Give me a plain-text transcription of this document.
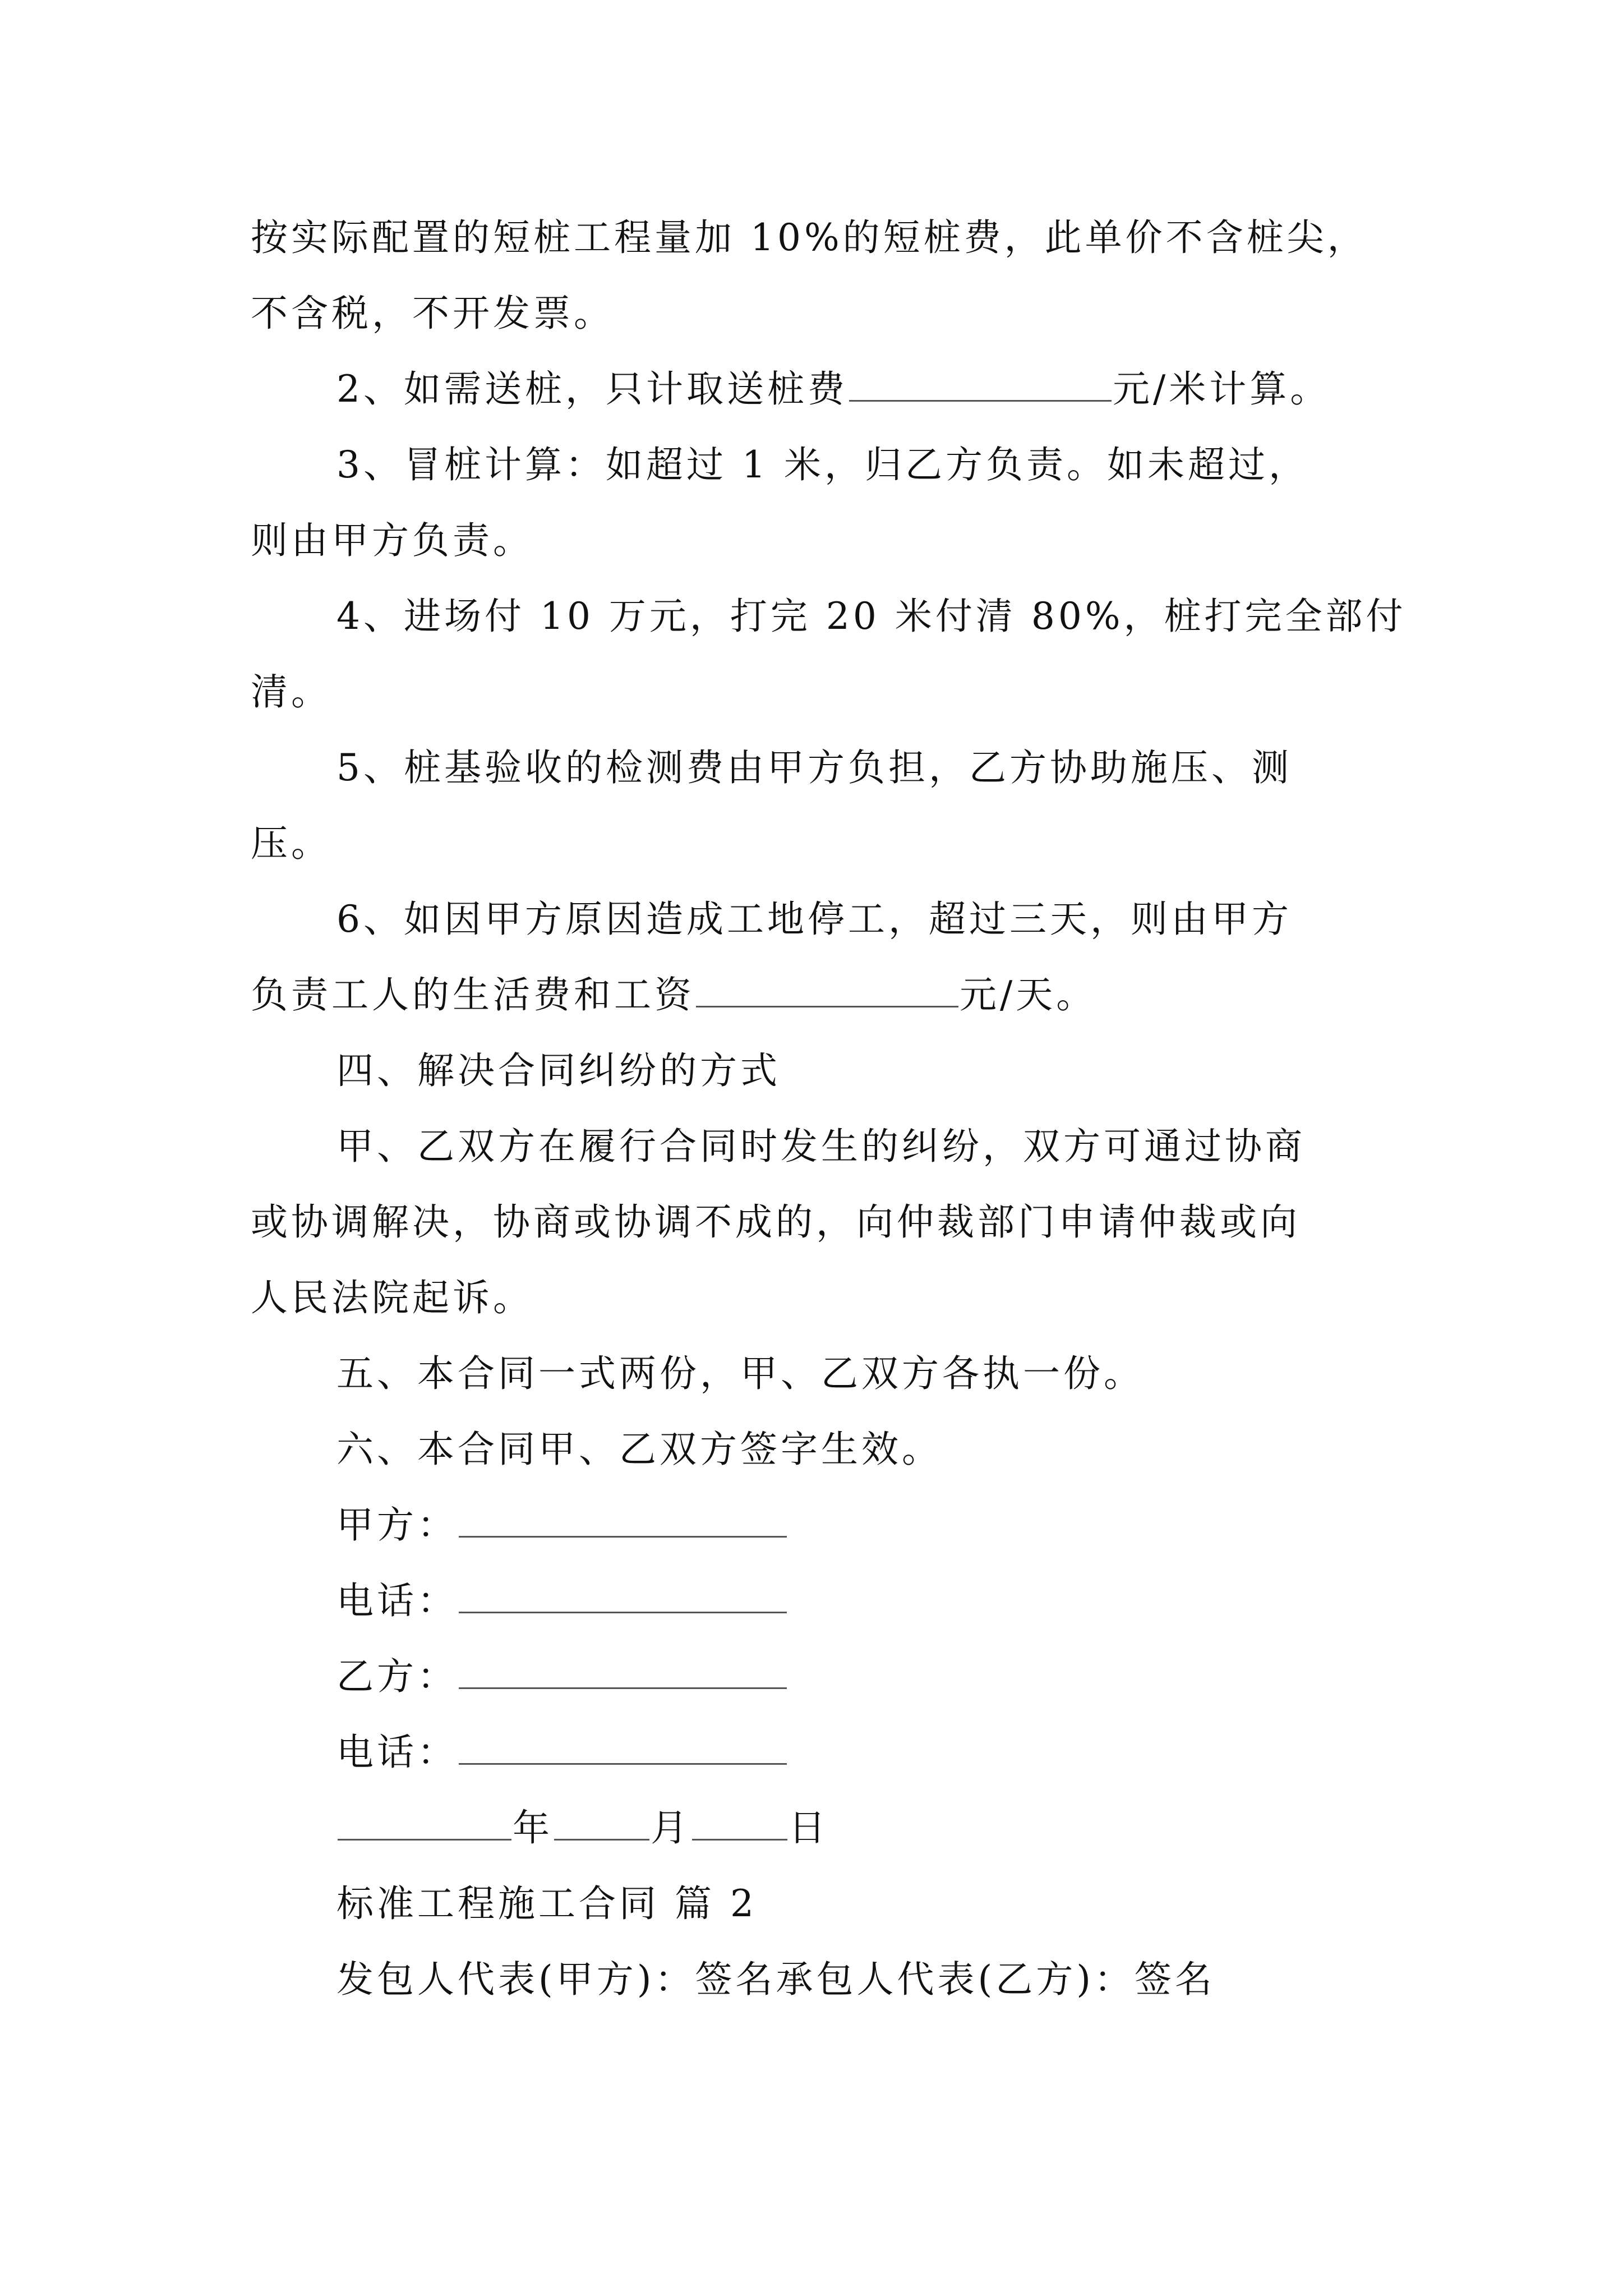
按实际配置的短桩工程量加 10%的短桩费，此单价不含桩尖，
不含税，不开发票。
2、如需送桩，只计取送桩费	元/米计算。
3、冒桩计算：如超过 1 米，归乙方负责。如未超过，
则由甲方负责。
4、进场付 10 万元，打完 20 米付清 80%，桩打完全部付
清。
5、桩基验收的检测费由甲方负担，乙方协助施压、测
压。
6、如因甲方原因造成工地停工，超过三天，则由甲方
负责工人的生活费和工资	元/天。
四、解决合同纠纷的方式
甲、乙双方在履行合同时发生的纠纷，双方可通过协商
或协调解决，协商或协调不成的，向仲裁部门申请仲裁或向
人民法院起诉。
五、本合同一式两份，甲、乙双方各执一份。
六、本合同甲、乙双方签字生效。
甲方：
电话：
乙方：
电话：
年	月	日
标准工程施工合同 篇 2
发包人代表(甲方)：签名承包人代表(乙方)：签名
